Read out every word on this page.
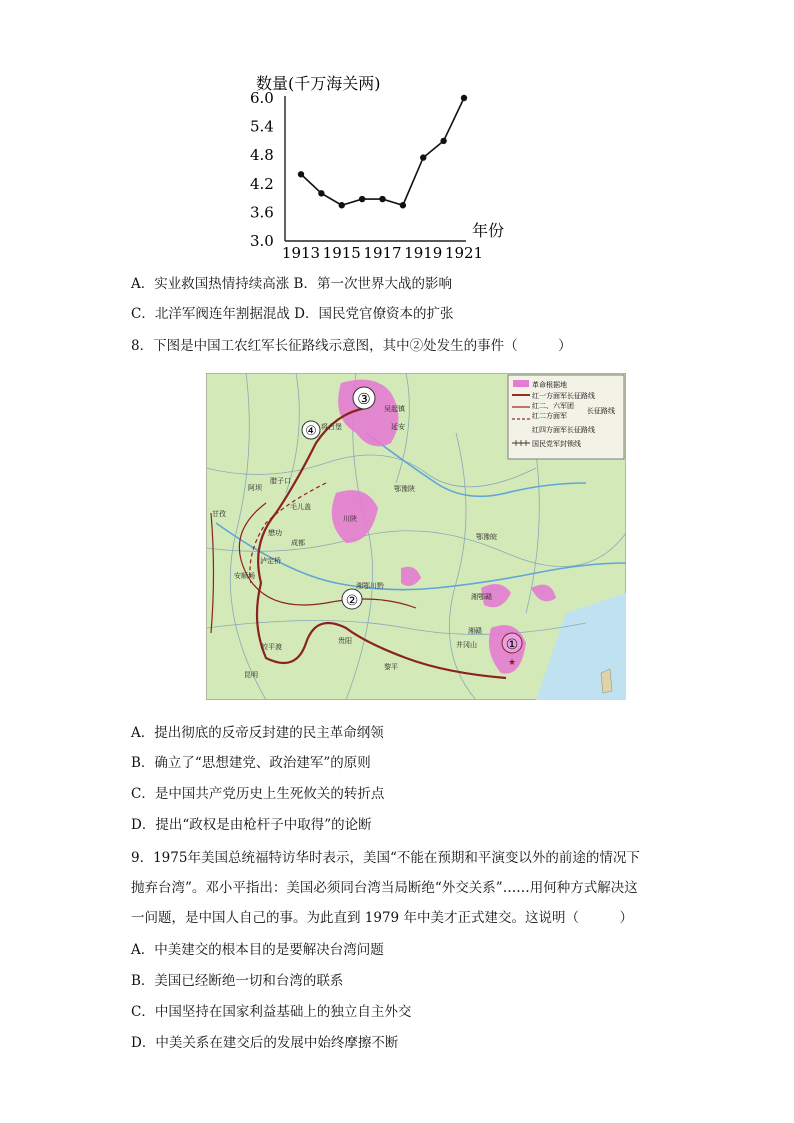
数量(千万海关两)
年份
3.0
3.6
4.2
4.8
5.4
6.0
1913 1915 1917 1919 1921
A．实业救国热情持续高涨 B．第一次世界大战的影响
C．北洋军阀连年割据混战 D．国民党官僚资本的扩张
8．下图是中国工农红军长征路线示意图，其中②处发生的事件（　　　）
革命根据地
红一方面军长征路线
红二、六军团
红二方面军
长征路线
红四方面军长征路线
国民党军封锁线
③
④
②
①
★
吴起镇
延安
将台堡
腊子口
毛儿盖
阿坝
甘孜
懋功
成都
泸定桥
安顺场
皎平渡
昆明
贵阳
黎平
鄂豫陕
川陕
鄂豫皖
湘鄂川黔
湘鄂赣
湘赣
井冈山
A．提出彻底的反帝反封建的民主革命纲领
B．确立了“思想建党、政治建军”的原则
C．是中国共产党历史上生死攸关的转折点
D．提出“政权是由枪杆子中取得”的论断
9．1975年美国总统福特访华时表示，美国“不能在预期和平演变以外的前途的情况下
抛弃台湾”。邓小平指出：美国必须同台湾当局断绝“外交关系”……用何种方式解决这
一问题，是中国人自己的事。为此直到 1979 年中美才正式建交。这说明（　　　）
A．中美建交的根本目的是要解决台湾问题
B．美国已经断绝一切和台湾的联系
C．中国坚持在国家利益基础上的独立自主外交
D．中美关系在建交后的发展中始终摩擦不断
